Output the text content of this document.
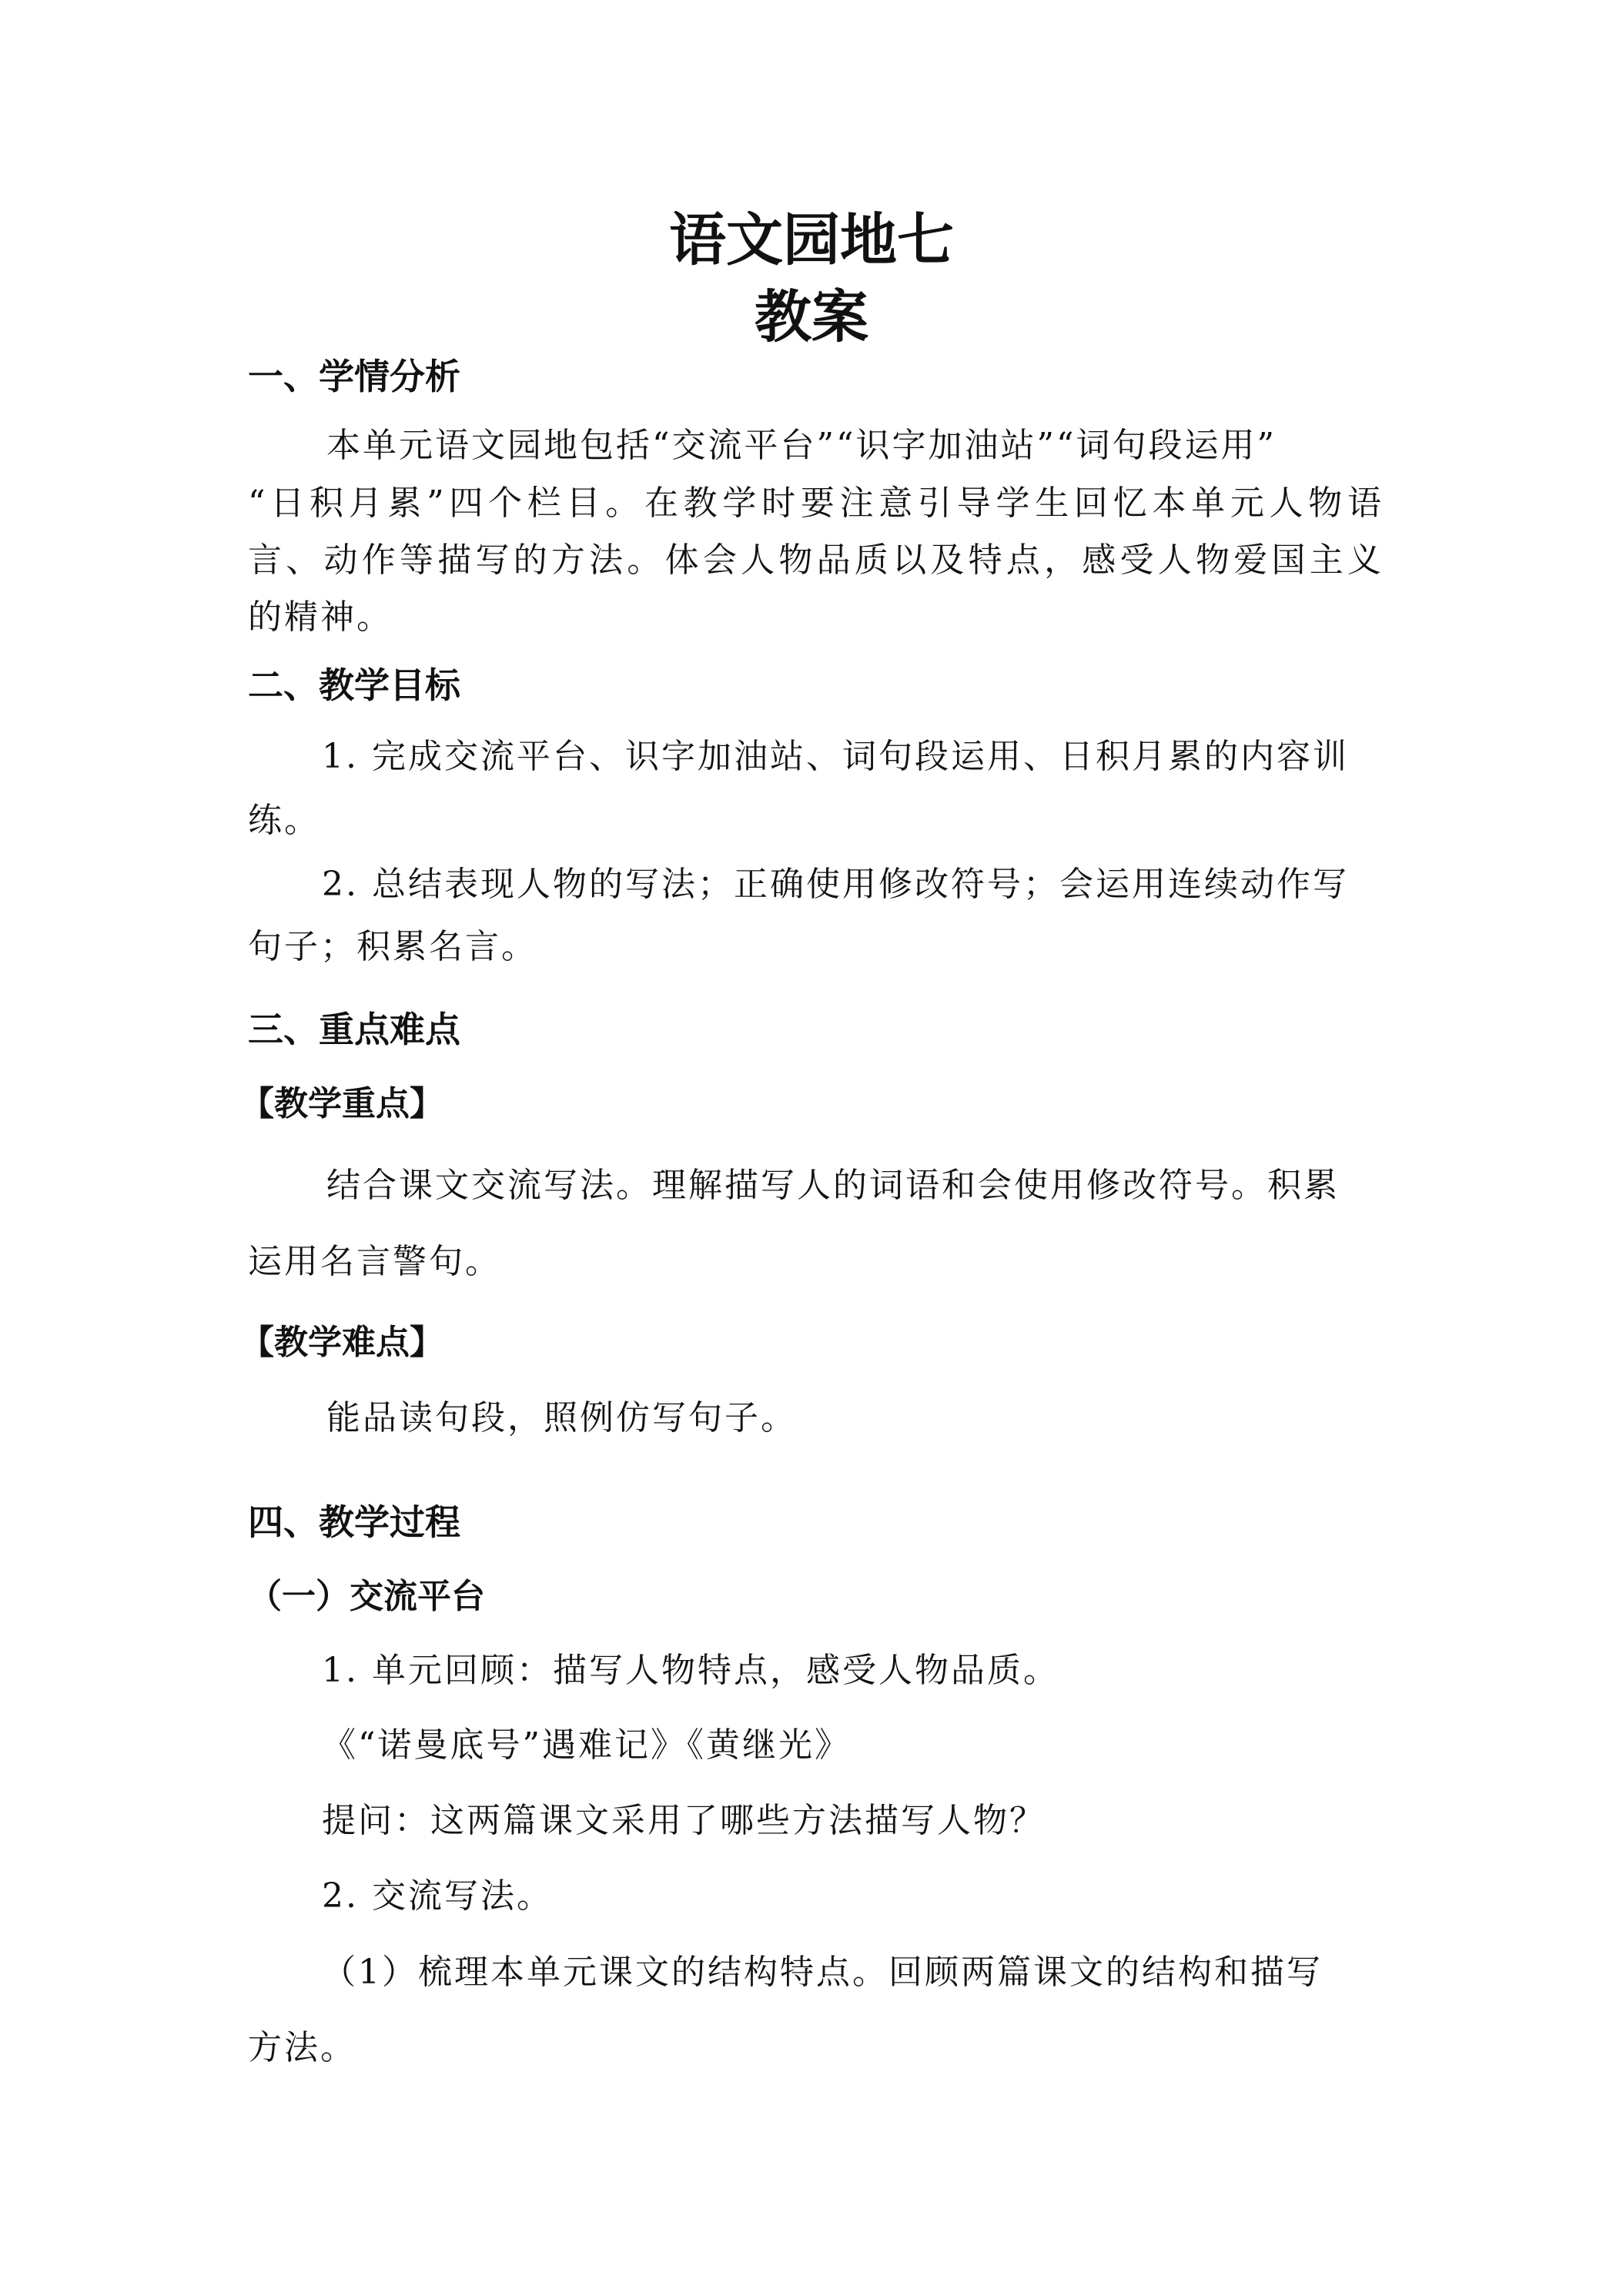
语文园地七
教案
一、学情分析
本单元语文园地包括“交流平台”“识字加油站”“词句段运用”
“日积月累”四个栏目。在教学时要注意引导学生回忆本单元人物语
言、动作等描写的方法。体会人物品质以及特点，感受人物爱国主义
的精神。
二、教学目标
1. 完成交流平台、识字加油站、词句段运用、日积月累的内容训
练。
2. 总结表现人物的写法；正确使用修改符号；会运用连续动作写
句子；积累名言。
三、重点难点
【教学重点】
结合课文交流写法。理解描写人的词语和会使用修改符号。积累
运用名言警句。
【教学难点】
能品读句段，照例仿写句子。
四、教学过程
（一）交流平台
1. 单元回顾：描写人物特点，感受人物品质。
《“诺曼底号”遇难记》《黄继光》
提问：这两篇课文采用了哪些方法描写人物？
2. 交流写法。
（1）梳理本单元课文的结构特点。回顾两篇课文的结构和描写
方法。
